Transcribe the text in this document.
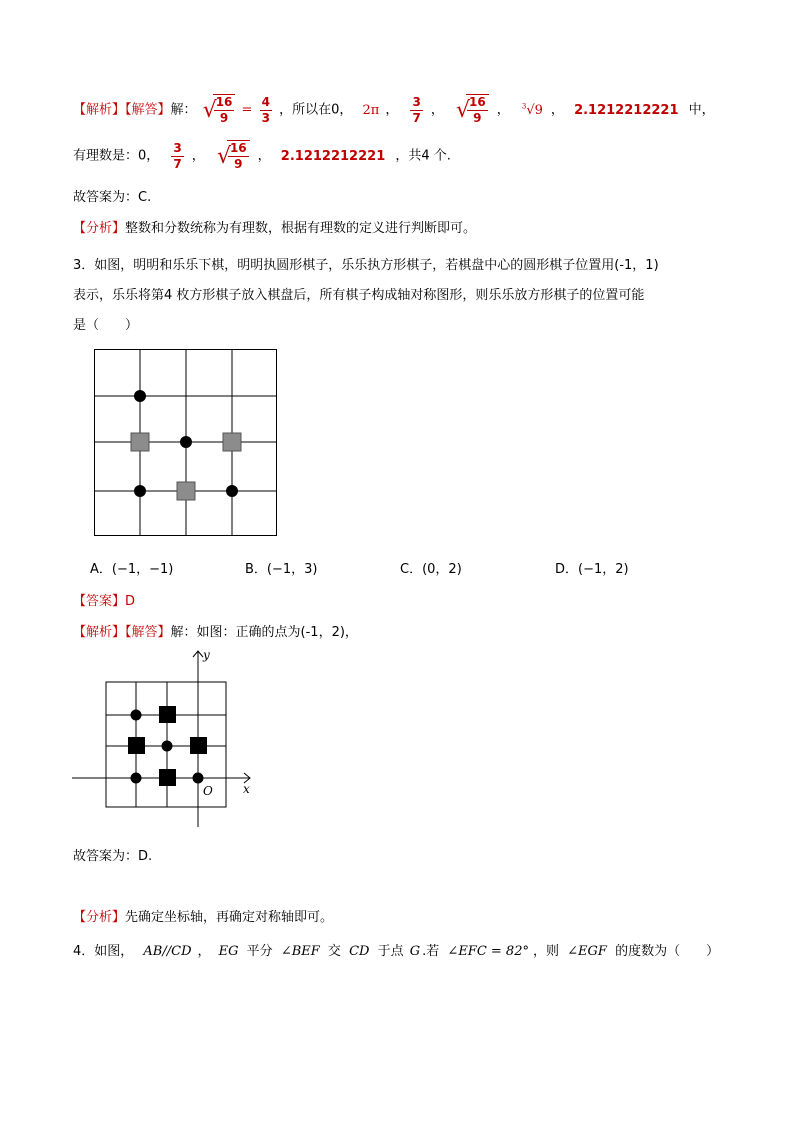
【解析】【解答】解： √
$\frac{16}{9} = \frac{4}{3}$ ，所以在0， 2π ， $\frac{3}{7}$ ， √
$\frac{16}{9}$ ， $^3$√9 ， 2.1212212221 中，
有理数是：0， $\frac{3}{7}$ ， √
$\frac{16}{9}$ ， 2.1212212221 ，共4 个.
故答案为：C.
【分析】整数和分数统称为有理数，根据有理数的定义进行判断即可。
3．如图，明明和乐乐下棋，明明执圆形棋子，乐乐执方形棋子，若棋盘中心的圆形棋子位置用(-1，1)
表示，乐乐将第4 枚方形棋子放入棋盘后，所有棋子构成轴对称图形，则乐乐放方形棋子的位置可能
是（　　）
A．(−1，−1)	B．(−1，3)	C．(0，2)	D．(−1，2)
【答案】D
【解析】【解答】解：如图：正确的点为(-1，2)，
y
x
O
故答案为：D.
【分析】先确定坐标轴，再确定对称轴即可。
4．如图， AB//CD ， EG 平分 ∠BEF 交 CD 于点 G .若 ∠EFC = 82° ，则 ∠EGF 的度数为（　　）
